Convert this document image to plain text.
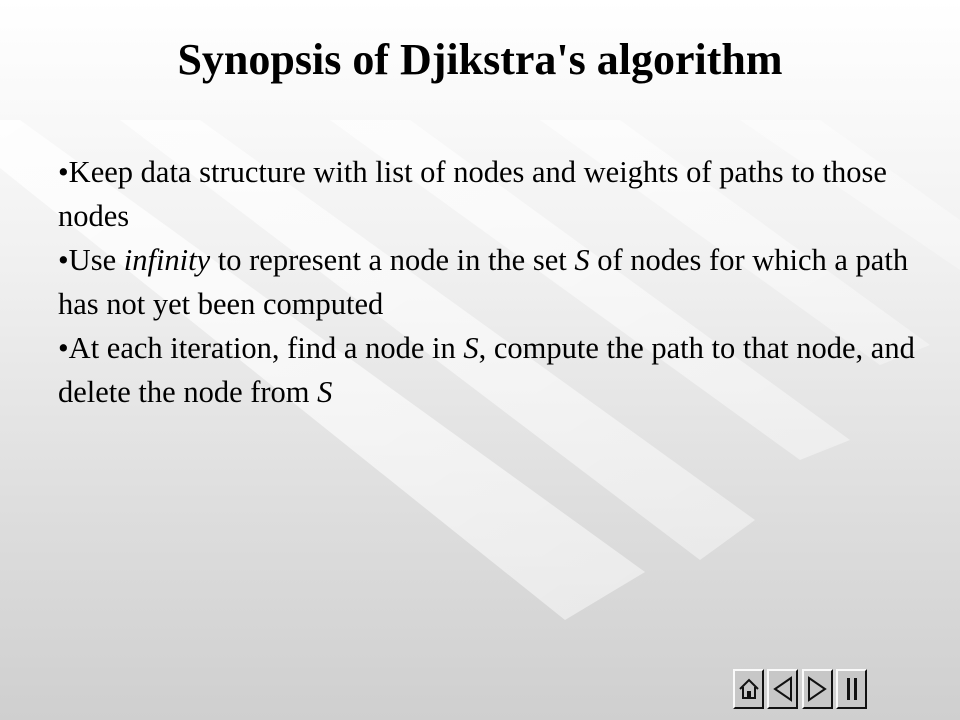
Synopsis of Djikstra's algorithm

•Keep data structure with list of nodes and weights of paths to those nodes

•Use infinity to represent a node in the set S of nodes for which a path has not yet been computed

•At each iteration, find a node in S, compute the path to that node, and delete the node from S
